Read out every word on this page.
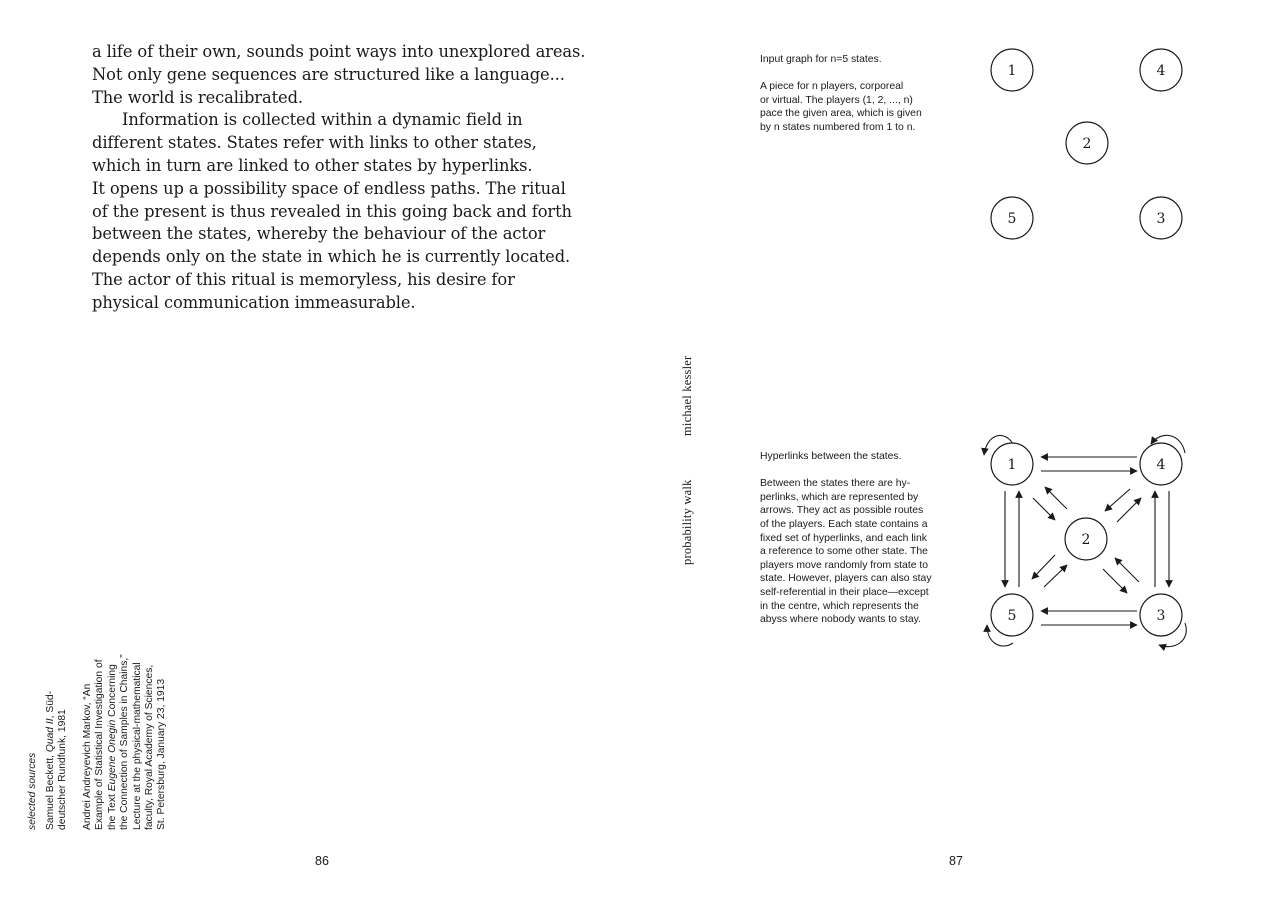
a life of their own, sounds point ways into unexplored areas.
Not only gene sequences are structured like a language...
The world is recalibrated.
Information is collected within a dynamic field in
different states. States refer with links to other states,
which in turn are linked to other states by hyperlinks.
It opens up a possibility space of endless paths. The ritual
of the present is thus revealed in this going back and forth
between the states, whereby the behaviour of the actor
depends only on the state in which he is currently located.
The actor of this ritual is memoryless, his desire for
physical communication immeasurable.
selected sources Samuel Beckett, Quad II, Süd-
deutscher Rundfunk, 1981 Andrei Andreyevich Markov, “An Example of Statistical Investigation of the Text Eugene Onegin Concerning the Connection of Samples in Chains,” Lecture at the physical-mathematical faculty, Royal Academy of Sciences, St. Petersburg, January 23, 1913
86
michael kessler
probability walk
Input graph for n=5 states.
A piece for n players, corporeal
or virtual. The players (1, 2, ..., n)
pace the given area, which is given
by n states numbered from 1 to n.
Hyperlinks between the states.
Between the states there are hy-
perlinks, which are represented by
arrows. They act as possible routes
of the players. Each state contains a
fixed set of hyperlinks, and each link
a reference to some other state. The
players move randomly from state to
state. However, players can also stay
self-referential in their place—except
in the centre, which represents the
abyss where nobody wants to stay.
1	4
2
5	3
1	4
2
5	3
87
